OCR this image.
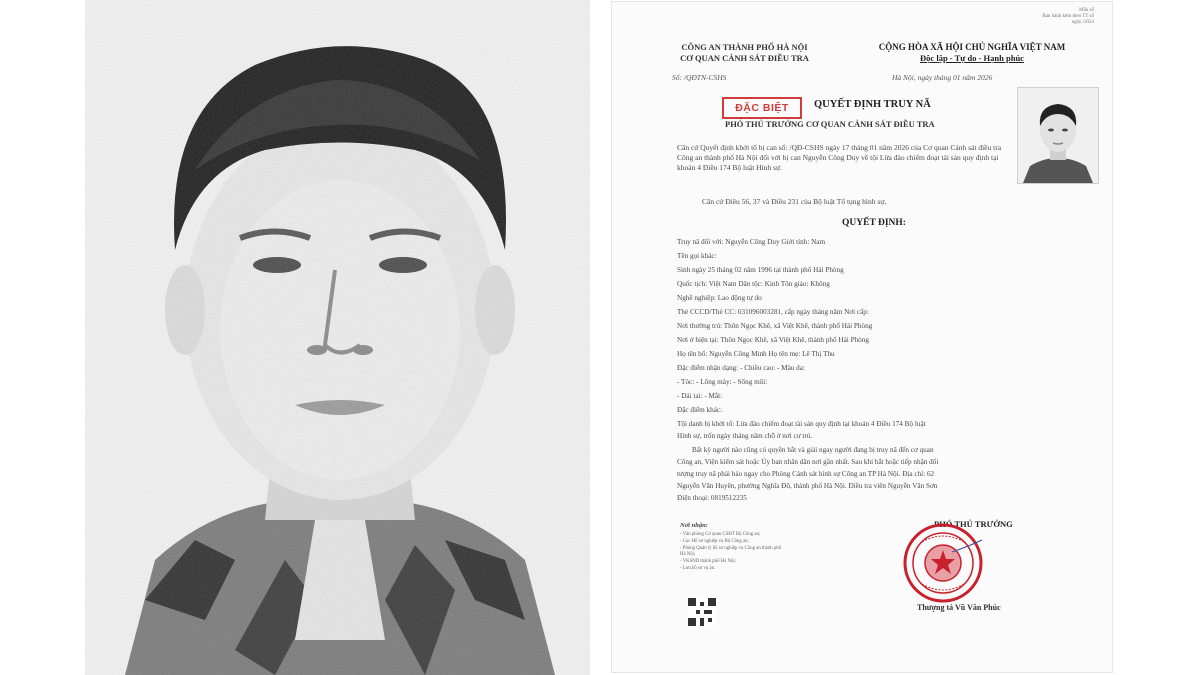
Mẫu số
Ban hành kèm theo TT số
ngày /2024
CÔNG AN THÀNH PHỐ HÀ NỘI
CƠ QUAN CẢNH SÁT ĐIỀU TRA
CỘNG HÒA XÃ HỘI CHỦ NGHĨA VIỆT NAM
Độc lập - Tự do - Hạnh phúc
Số: /QĐTN-CSHS	Hà Nội, ngày tháng 01 năm 2026
ĐẶC BIỆT	QUYẾT ĐỊNH TRUY NÃ
PHÓ THỦ TRƯỞNG CƠ QUAN CẢNH SÁT ĐIỀU TRA
Căn cứ Quyết định khởi tố bị can số: /QĐ-CSHS ngày 17 tháng 01 năm 2026 của Cơ quan Cảnh sát điều tra Công an thành phố Hà Nội đối với bị can Nguyễn Công Duy về tội Lừa đảo chiếm đoạt tài sản quy định tại khoản 4 Điều 174 Bộ luật Hình sự.
Căn cứ Điều 56, 37 và Điều 231 của Bộ luật Tố tụng hình sự,
QUYẾT ĐỊNH:
Truy nã đối với: Nguyễn Công Duy Giới tính: Nam
Tên gọi khác:
Sinh ngày 25 tháng 02 năm 1996 tại thành phố Hải Phòng
Quốc tịch: Việt Nam Dân tộc: Kinh Tôn giáo: Không
Nghề nghiệp: Lao động tự do
Thẻ CCCD/Thẻ CC: 031096003281, cấp ngày tháng năm Nơi cấp:
Nơi thường trú: Thôn Ngọc Khê, xã Việt Khê, thành phố Hải Phòng
Nơi ở hiện tại: Thôn Ngọc Khê, xã Việt Khê, thành phố Hải Phòng
Họ tên bố: Nguyễn Công Minh Họ tên mẹ: Lê Thị Thu
Đặc điểm nhận dạng: - Chiều cao: - Màu da:
- Tóc: - Lông mày: - Sống mũi:
- Dái tai: - Mắt:
Đặc điểm khác:
Tội danh bị khởi tố: Lừa đảo chiếm đoạt tài sản quy định tại khoản 4 Điều 174 Bộ luật
Hình sự, trốn ngày tháng năm chỗ ở nơi cư trú.
Bất kỳ người nào cũng có quyền bắt và giải ngay người đang bị truy nã đến cơ quan
Công an, Viện kiểm sát hoặc Ủy ban nhân dân nơi gần nhất. Sau khi bắt hoặc tiếp nhận đối
tượng truy nã phải báo ngay cho Phòng Cảnh sát hình sự Công an TP Hà Nội. Địa chỉ: 62
Nguyễn Văn Huyên, phường Nghĩa Đô, thành phố Hà Nội. Điều tra viên Nguyễn Văn Sơn
Điện thoại: 0819512235
Nơi nhận:
- Văn phòng Cơ quan CSĐT Bộ Công an;
- Cục Hồ sơ nghiệp vụ Bộ Công an;
- Phòng Quản lý hồ sơ nghiệp vụ Công an thành phố
Hà Nội;
- VKSND thành phố Hà Nội;
- Lưu hồ sơ vụ án.
PHÓ THỦ TRƯỞNG
Thượng tá Vũ Văn Phúc
